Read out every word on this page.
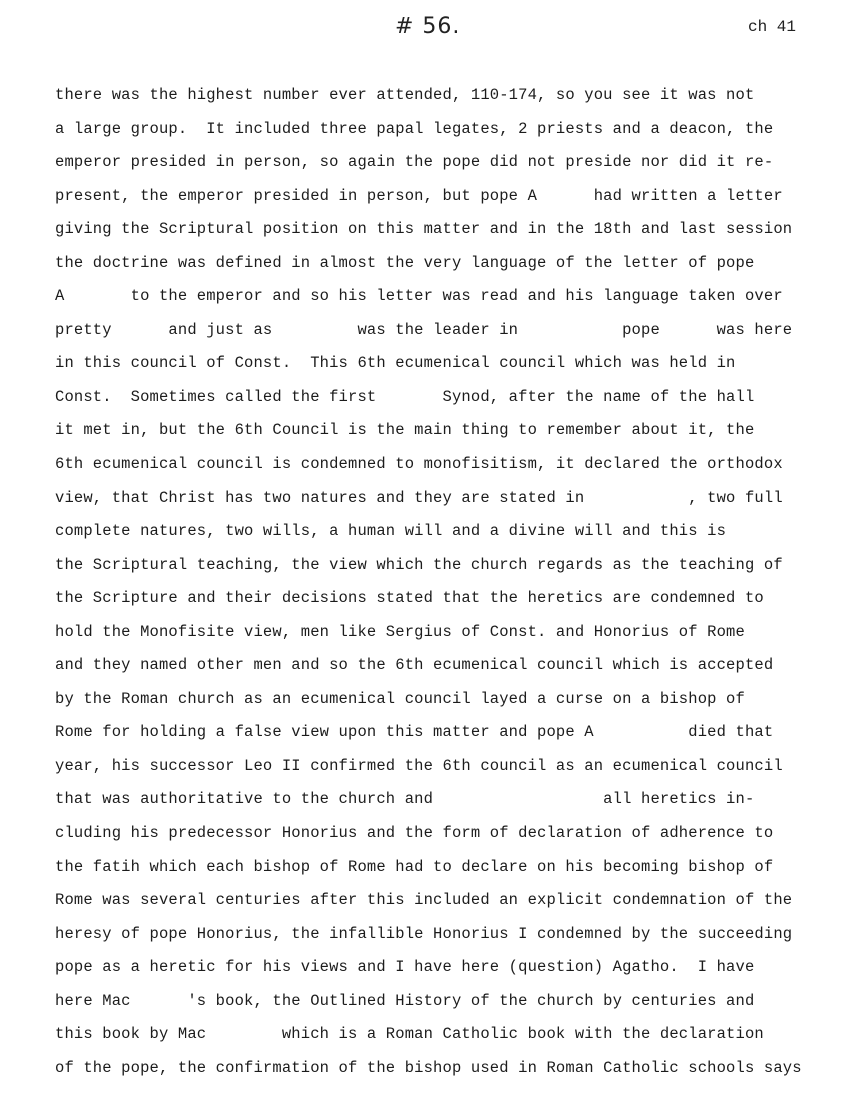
# 56.	ch 41
there was the highest number ever attended, 110-174, so you see it was not
a large group.  It included three papal legates, 2 priests and a deacon, the
emperor presided in person, so again the pope did not preside nor did it re-
present, the emperor presided in person, but pope A      had written a letter
giving the Scriptural position on this matter and in the 18th and last session
the doctrine was defined in almost the very language of the letter of pope
A       to the emperor and so his letter was read and his language taken over
pretty      and just as         was the leader in           pope      was here
in this council of Const.  This 6th ecumenical council which was held in
Const.  Sometimes called the first       Synod, after the name of the hall
it met in, but the 6th Council is the main thing to remember about it, the
6th ecumenical council is condemned to monofisitism, it declared the orthodox
view, that Christ has two natures and they are stated in           , two full
complete natures, two wills, a human will and a divine will and this is
the Scriptural teaching, the view which the church regards as the teaching of
the Scripture and their decisions stated that the heretics are condemned to
hold the Monofisite view, men like Sergius of Const. and Honorius of Rome
and they named other men and so the 6th ecumenical council which is accepted
by the Roman church as an ecumenical council layed a curse on a bishop of
Rome for holding a false view upon this matter and pope A          died that
year, his successor Leo II confirmed the 6th council as an ecumenical council
that was authoritative to the church and                  all heretics in-
cluding his predecessor Honorius and the form of declaration of adherence to
the fatih which each bishop of Rome had to declare on his becoming bishop of
Rome was several centuries after this included an explicit condemnation of the
heresy of pope Honorius, the infallible Honorius I condemned by the succeeding
pope as a heretic for his views and I have here (question) Agatho.  I have
here Mac      's book, the Outlined History of the church by centuries and
this book by Mac        which is a Roman Catholic book with the declaration
of the pope, the confirmation of the bishop used in Roman Catholic schools says
